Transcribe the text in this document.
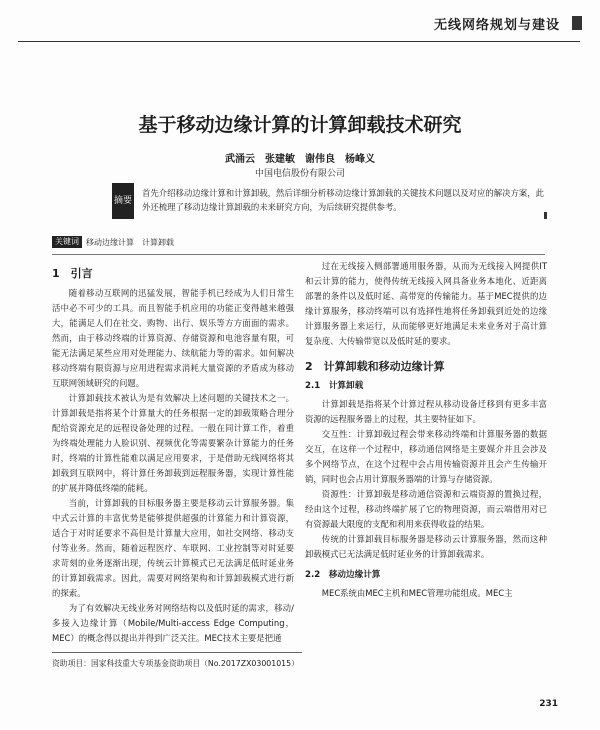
无线网络规划与建设
基于移动边缘计算的计算卸载技术研究
武涌云　张建敏　谢伟良　杨峰义
中国电信股份有限公司
摘要
首先介绍移动边缘计算和计算卸载，然后详细分析移动边缘计算卸载的关键技术问题以及对应的解决方案，此外还梳理了移动边缘计算卸载的未来研究方向，为后续研究提供参考。
关键词 移动边缘计算　计算卸载
1　引言

随着移动互联网的迅猛发展，智能手机已经成为人们日常生活中必不可少的工具。而且智能手机应用的功能正变得越来越强大，能满足人们在社交、购物、出行、娱乐等方方面面的需求。然而，由于移动终端的计算资源、存储资源和电池容量有限，可能无法满足某些应用对处理能力、续航能力等的需求。如何解决移动终端有限资源与应用进程需求消耗大量资源的矛盾成为移动互联网领域研究的问题。

计算卸载技术被认为是有效解决上述问题的关键技术之一。计算卸载是指将某个计算量大的任务根据一定的卸载策略合理分配给资源充足的远程设备处理的过程。一般在同计算工作，着重为终端处理能力人脸识别、视频优化等需要繁杂计算能力的任务时，终端的计算性能难以满足应用要求，于是借助无线网络将其卸载到互联网中，将计算任务卸载到远程服务器，实现计算性能的扩展并降低终端的能耗。

当前，计算卸载的目标服务器主要是移动云计算服务器。集中式云计算的丰富优势是能够提供超强的计算能力和计算资源，适合于对时延要求不高但是计算量大应用，如社交网络、移动支付等业务。然而，随着远程医疗、车联网、工业控制等对时延要求苛刻的业务逐渐出现，传统云计算模式已无法满足低时延业务的计算卸载需求。因此，需要对网络架构和计算卸载模式进行新的探索。

为了有效解决无线业务对网络结构以及低时延的需求，移动/多接入边缘计算（Mobile/Multi-access Edge Computing，MEC）的概念得以提出并得到广泛关注。MEC技术主要是把通

过在无线接入侧部署通用服务器，从而为无线接入网提供IT和云计算的能力，使得传统无线接入网具备业务本地化、近距离部署的条件以及低时延、高带宽的传输能力。基于MEC提供的边缘计算服务，移动终端可以有选择性地将任务卸载到近处的边缘计算服务器上来运行，从而能够更好地满足未来业务对于高计算复杂度、大传输带宽以及低时延的要求。

2　计算卸载和移动边缘计算
2.1　计算卸载

计算卸载是指将某个计算过程从移动设备迁移到有更多丰富资源的远程服务器上的过程，其主要特征如下。

交互性：计算卸载过程会带来移动终端和计算服务器的数据交互，在这样一个过程中，移动通信网络是主要媒介并且会涉及多个网络节点，在这个过程中会占用传输资源并且会产生传输开销，同时也会占用计算服务器端的计算与存储资源。

资源性：计算卸载是移动通信资源和云端资源的置换过程，经由这个过程，移动终端扩展了它的物理资源，而云端借用对已有资源最大限度的支配和利用来获得收益的结果。

传统的计算卸载目标服务器是移动云计算服务器，然而这种卸载模式已无法满足低时延业务的计算卸载需求。

2.2　移动边缘计算

MEC系统由MEC主机和MEC管理功能组成。MEC主

资助项目：国家科技重大专项基金资助项目（No.2017ZX03001015）
231
